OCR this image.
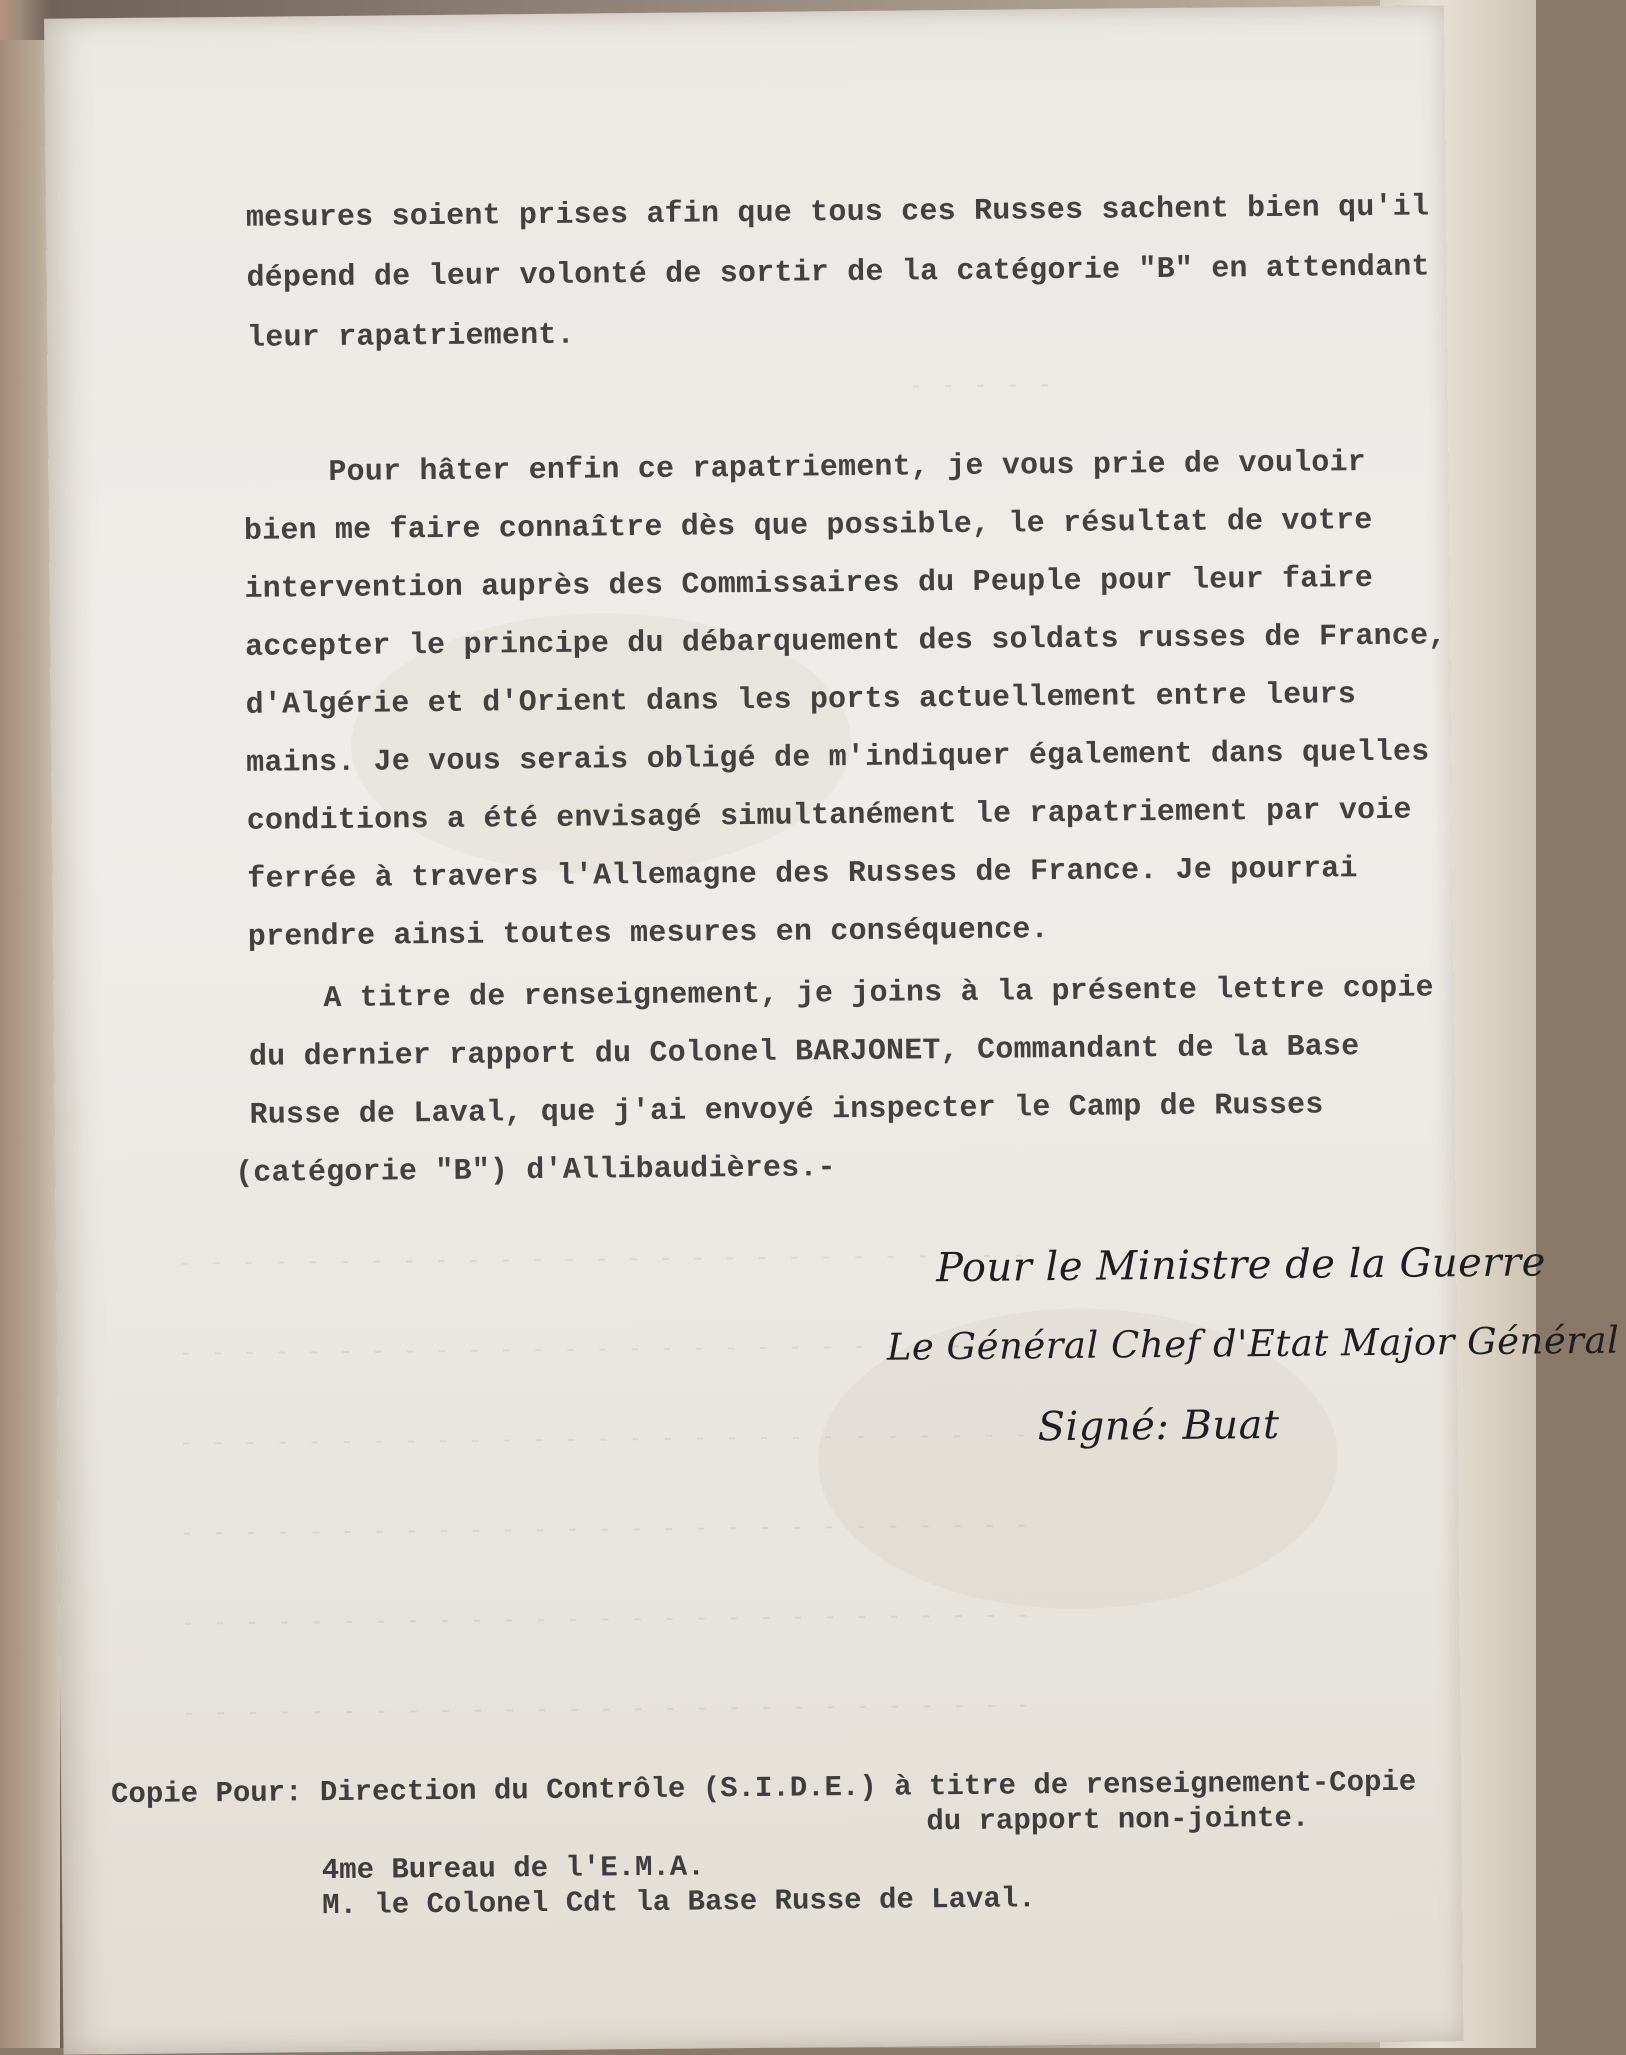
- - - - -
- - - - - - - - - - - - - - - - - - - - - - - - - - -
- - - - - - - - - - - - - - - - - - - - - - - - - - -
- - - - - - - - - - - - - - - - - - - - - - - - - - -
- - - - - - - - - - - - - - - - - - - - - - - - - - -
- - - - - - - - - - - - - - - - - - - - - - - - - - -
- - - - - - - - - - - - - - - - - - - - - - - - - - -
mesures soient prises afin que tous ces Russes sachent bien qu'il
dépend de leur volonté de sortir de la catégorie "B" en attendant
leur rapatriement.
Pour hâter enfin ce rapatriement, je vous prie de vouloir
bien me faire connaître dès que possible, le résultat de votre
intervention auprès des Commissaires du Peuple pour leur faire
accepter le principe du débarquement des soldats russes de France,
d'Algérie et d'Orient dans les ports actuellement entre leurs
mains. Je vous serais obligé de m'indiquer également dans quelles
conditions a été envisagé simultanément le rapatriement par voie
ferrée à travers l'Allemagne des Russes de France. Je pourrai
prendre ainsi toutes mesures en conséquence.
A titre de renseignement, je joins à la présente lettre copie
du dernier rapport du Colonel BARJONET, Commandant de la Base
Russe de Laval, que j'ai envoyé inspecter le Camp de Russes
(catégorie "B") d'Allibaudières.-
Pour le Ministre de la Guerre
Le Général Chef d'Etat Major Général
Signé: Buat
Copie Pour: Direction du Contrôle (S.I.D.E.) à titre de renseignement-Copie
du rapport non-jointe.
4me Bureau de l'E.M.A.
M. le Colonel Cdt la Base Russe de Laval.
